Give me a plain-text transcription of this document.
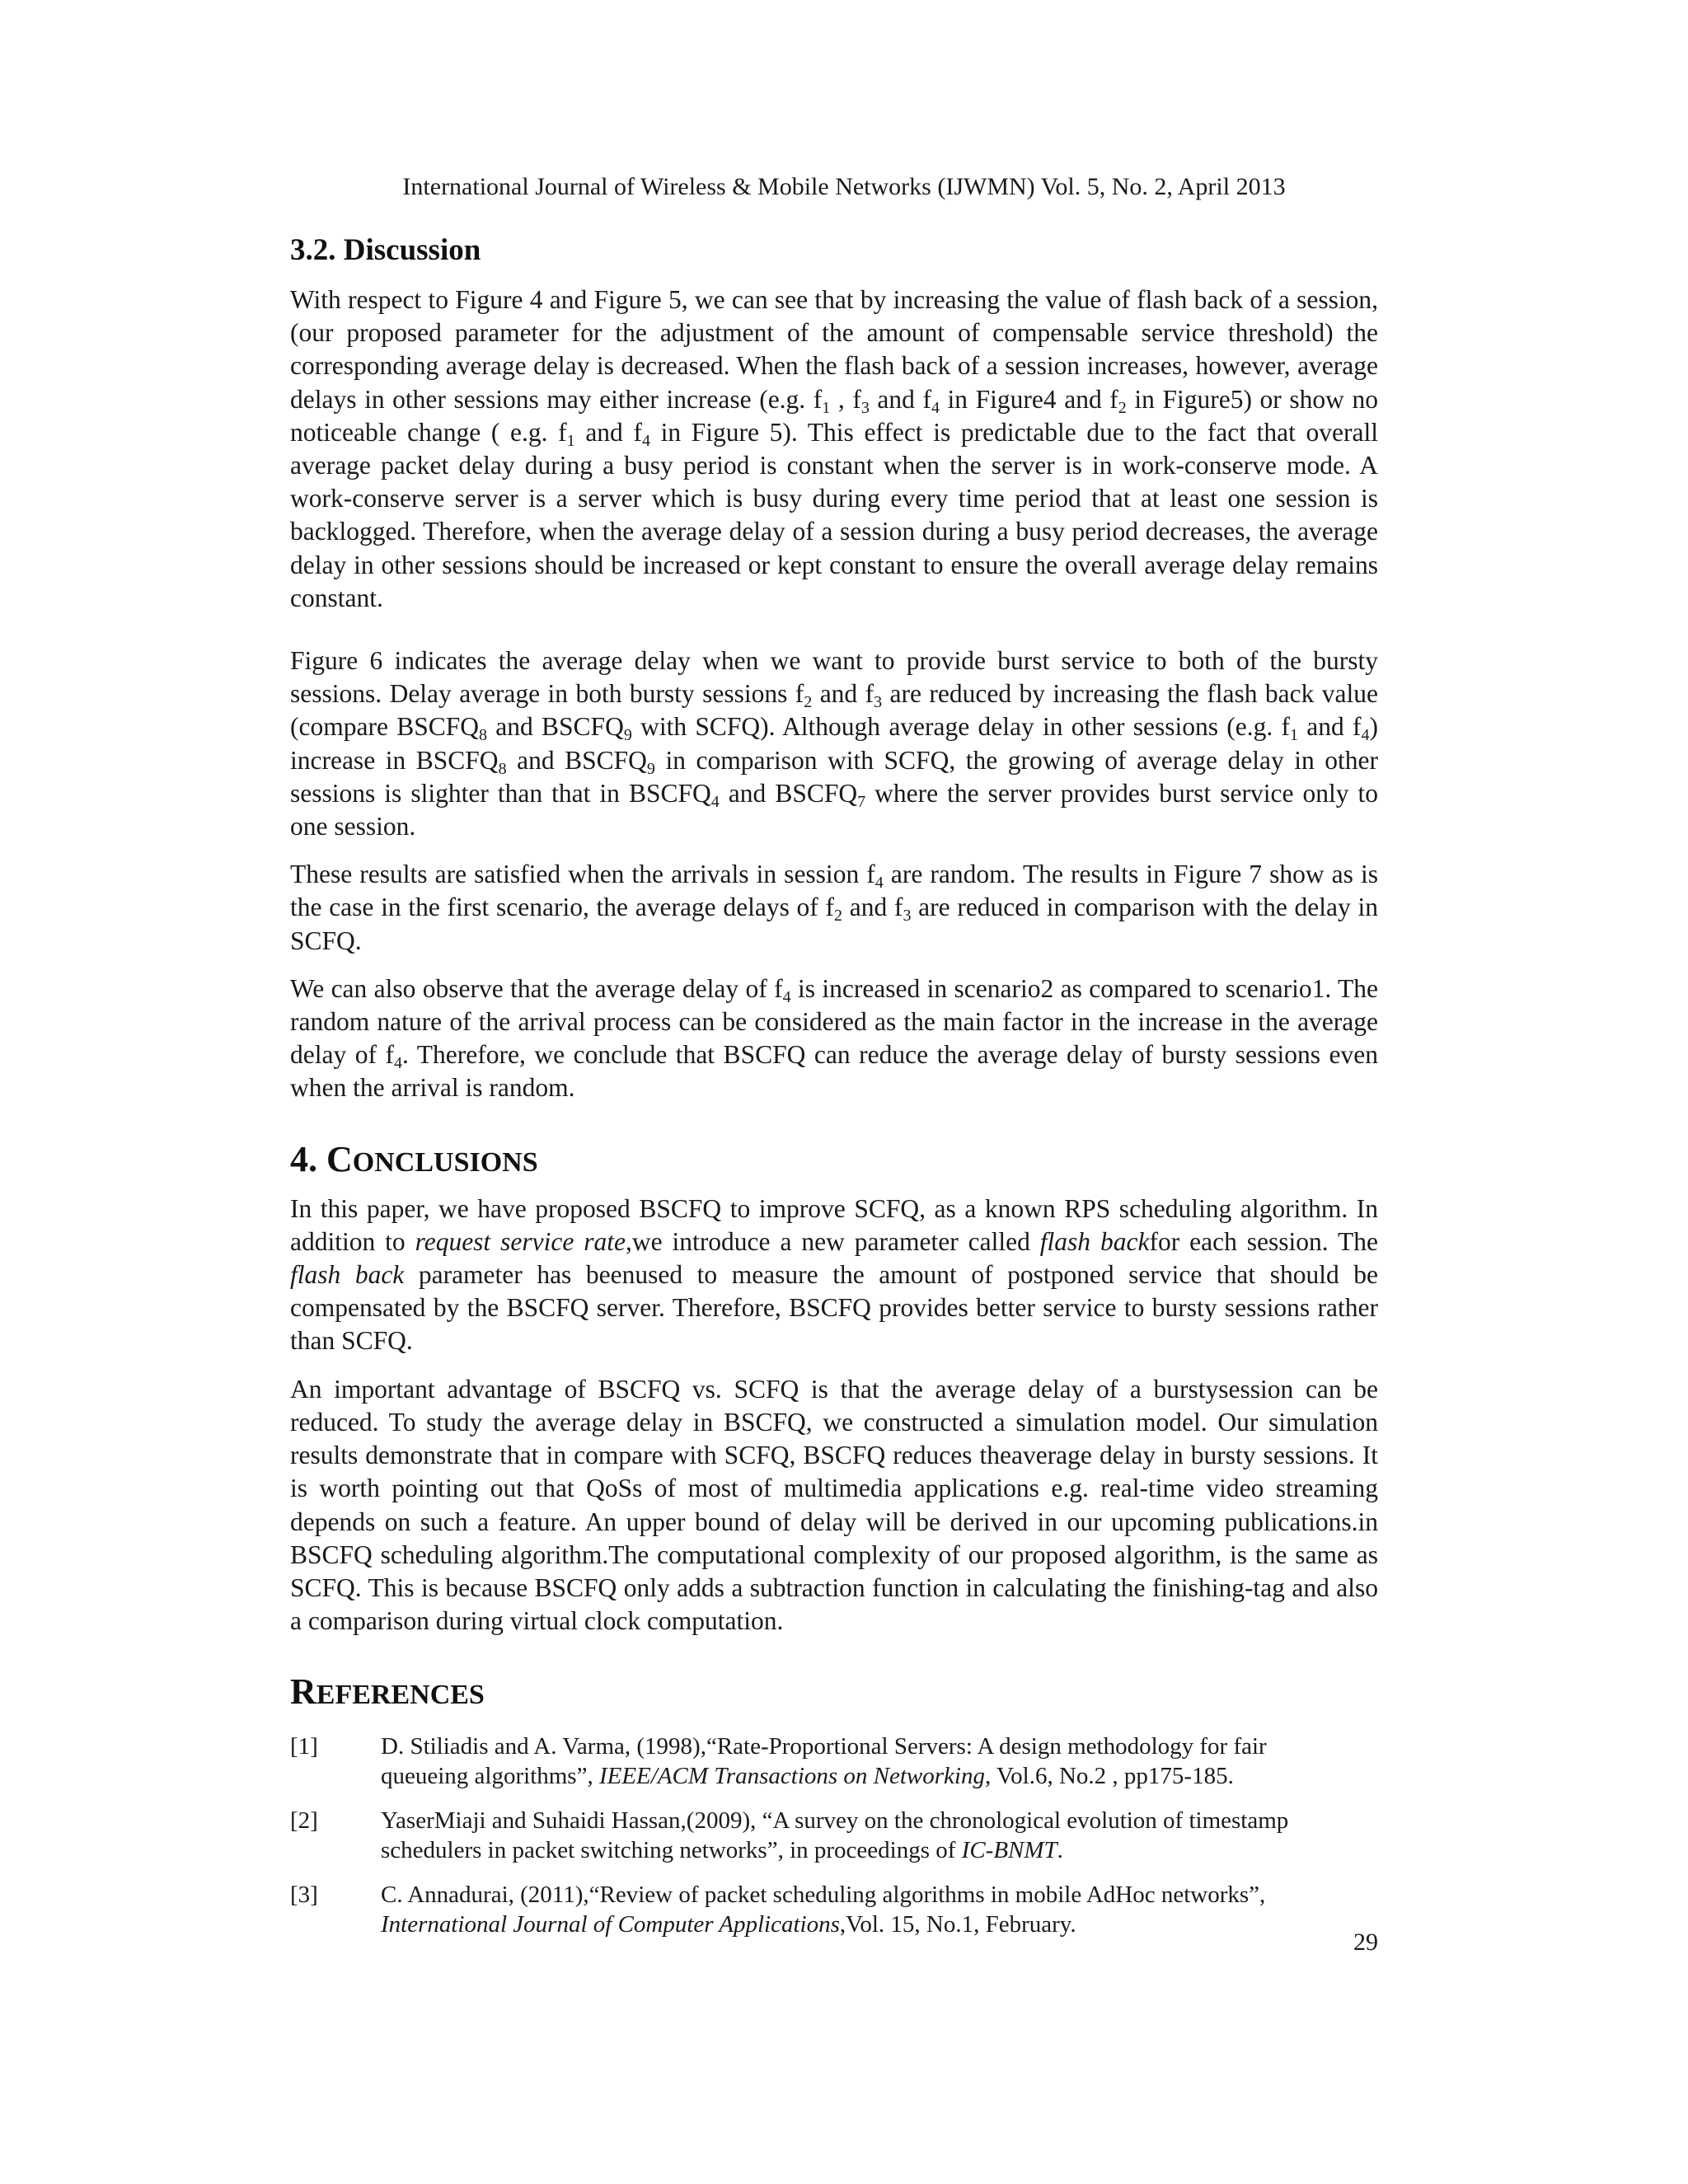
International Journal of Wireless & Mobile Networks (IJWMN) Vol. 5, No. 2, April 2013
3.2. Discussion

With respect to Figure 4 and Figure 5, we can see that by increasing the value of flash back of a session, (our proposed parameter for the adjustment of the amount of compensable service threshold) the corresponding average delay is decreased. When the flash back of a session increases, however, average delays in other sessions may either increase (e.g. $f_1$ , $f_3$ and $f_4$ in Figure4 and $f_2$ in Figure5) or show no noticeable change ( e.g. $f_1$ and $f_4$ in Figure 5). This effect is predictable due to the fact that overall average packet delay during a busy period is constant when the server is in work-conserve mode. A work-conserve server is a server which is busy during every time period that at least one session is backlogged. Therefore, when the average delay of a session during a busy period decreases, the average delay in other sessions should be increased or kept constant to ensure the overall average delay remains constant.

Figure 6 indicates the average delay when we want to provide burst service to both of the bursty sessions. Delay average in both bursty sessions $f_2$ and $f_3$ are reduced by increasing the flash back value (compare $BSCFQ_8$ and $BSCFQ_9$ with SCFQ). Although average delay in other sessions (e.g. $f_1$ and $f_4$) increase in $BSCFQ_8$ and $BSCFQ_9$ in comparison with SCFQ, the growing of average delay in other sessions is slighter than that in $BSCFQ_4$ and $BSCFQ_7$ where the server provides burst service only to one session.

These results are satisfied when the arrivals in session $f_4$ are random. The results in Figure 7 show as is the case in the first scenario, the average delays of $f_2$ and $f_3$ are reduced in comparison with the delay in SCFQ.

We can also observe that the average delay of $f_4$ is increased in scenario2 as compared to scenario1. The random nature of the arrival process can be considered as the main factor in the increase in the average delay of $f_4$. Therefore, we conclude that BSCFQ can reduce the average delay of bursty sessions even when the arrival is random.

4. CONCLUSIONS

In this paper, we have proposed BSCFQ to improve SCFQ, as a known RPS scheduling algorithm. In addition to request service rate,we introduce a new parameter called flash backfor each session. The flash back parameter has beenused to measure the amount of postponed service that should be compensated by the BSCFQ server. Therefore, BSCFQ provides better service to bursty sessions rather than SCFQ.

An important advantage of BSCFQ vs. SCFQ is that the average delay of a burstysession can be reduced. To study the average delay in BSCFQ, we constructed a simulation model. Our simulation results demonstrate that in compare with SCFQ, BSCFQ reduces theaverage delay in bursty sessions. It is worth pointing out that QoSs of most of multimedia applications e.g. real-time video streaming depends on such a feature. An upper bound of delay will be derived in our upcoming publications.in BSCFQ scheduling algorithm.The computational complexity of our proposed algorithm, is the same as SCFQ. This is because BSCFQ only adds a subtraction function in calculating the finishing-tag and also a comparison during virtual clock computation.

REFERENCES
[1]	D. Stiliadis and A. Varma, (1998),“Rate-Proportional Servers: A design methodology for fair queueing algorithms”, IEEE/ACM Transactions on Networking, Vol.6, No.2 , pp175-185.
[2]	YaserMiaji and Suhaidi Hassan,(2009), “A survey on the chronological evolution of timestamp schedulers in packet switching networks”, in proceedings of IC-BNMT.
[3]	C. Annadurai, (2011),“Review of packet scheduling algorithms in mobile AdHoc networks”, International Journal of Computer Applications,Vol. 15, No.1, February.
29
